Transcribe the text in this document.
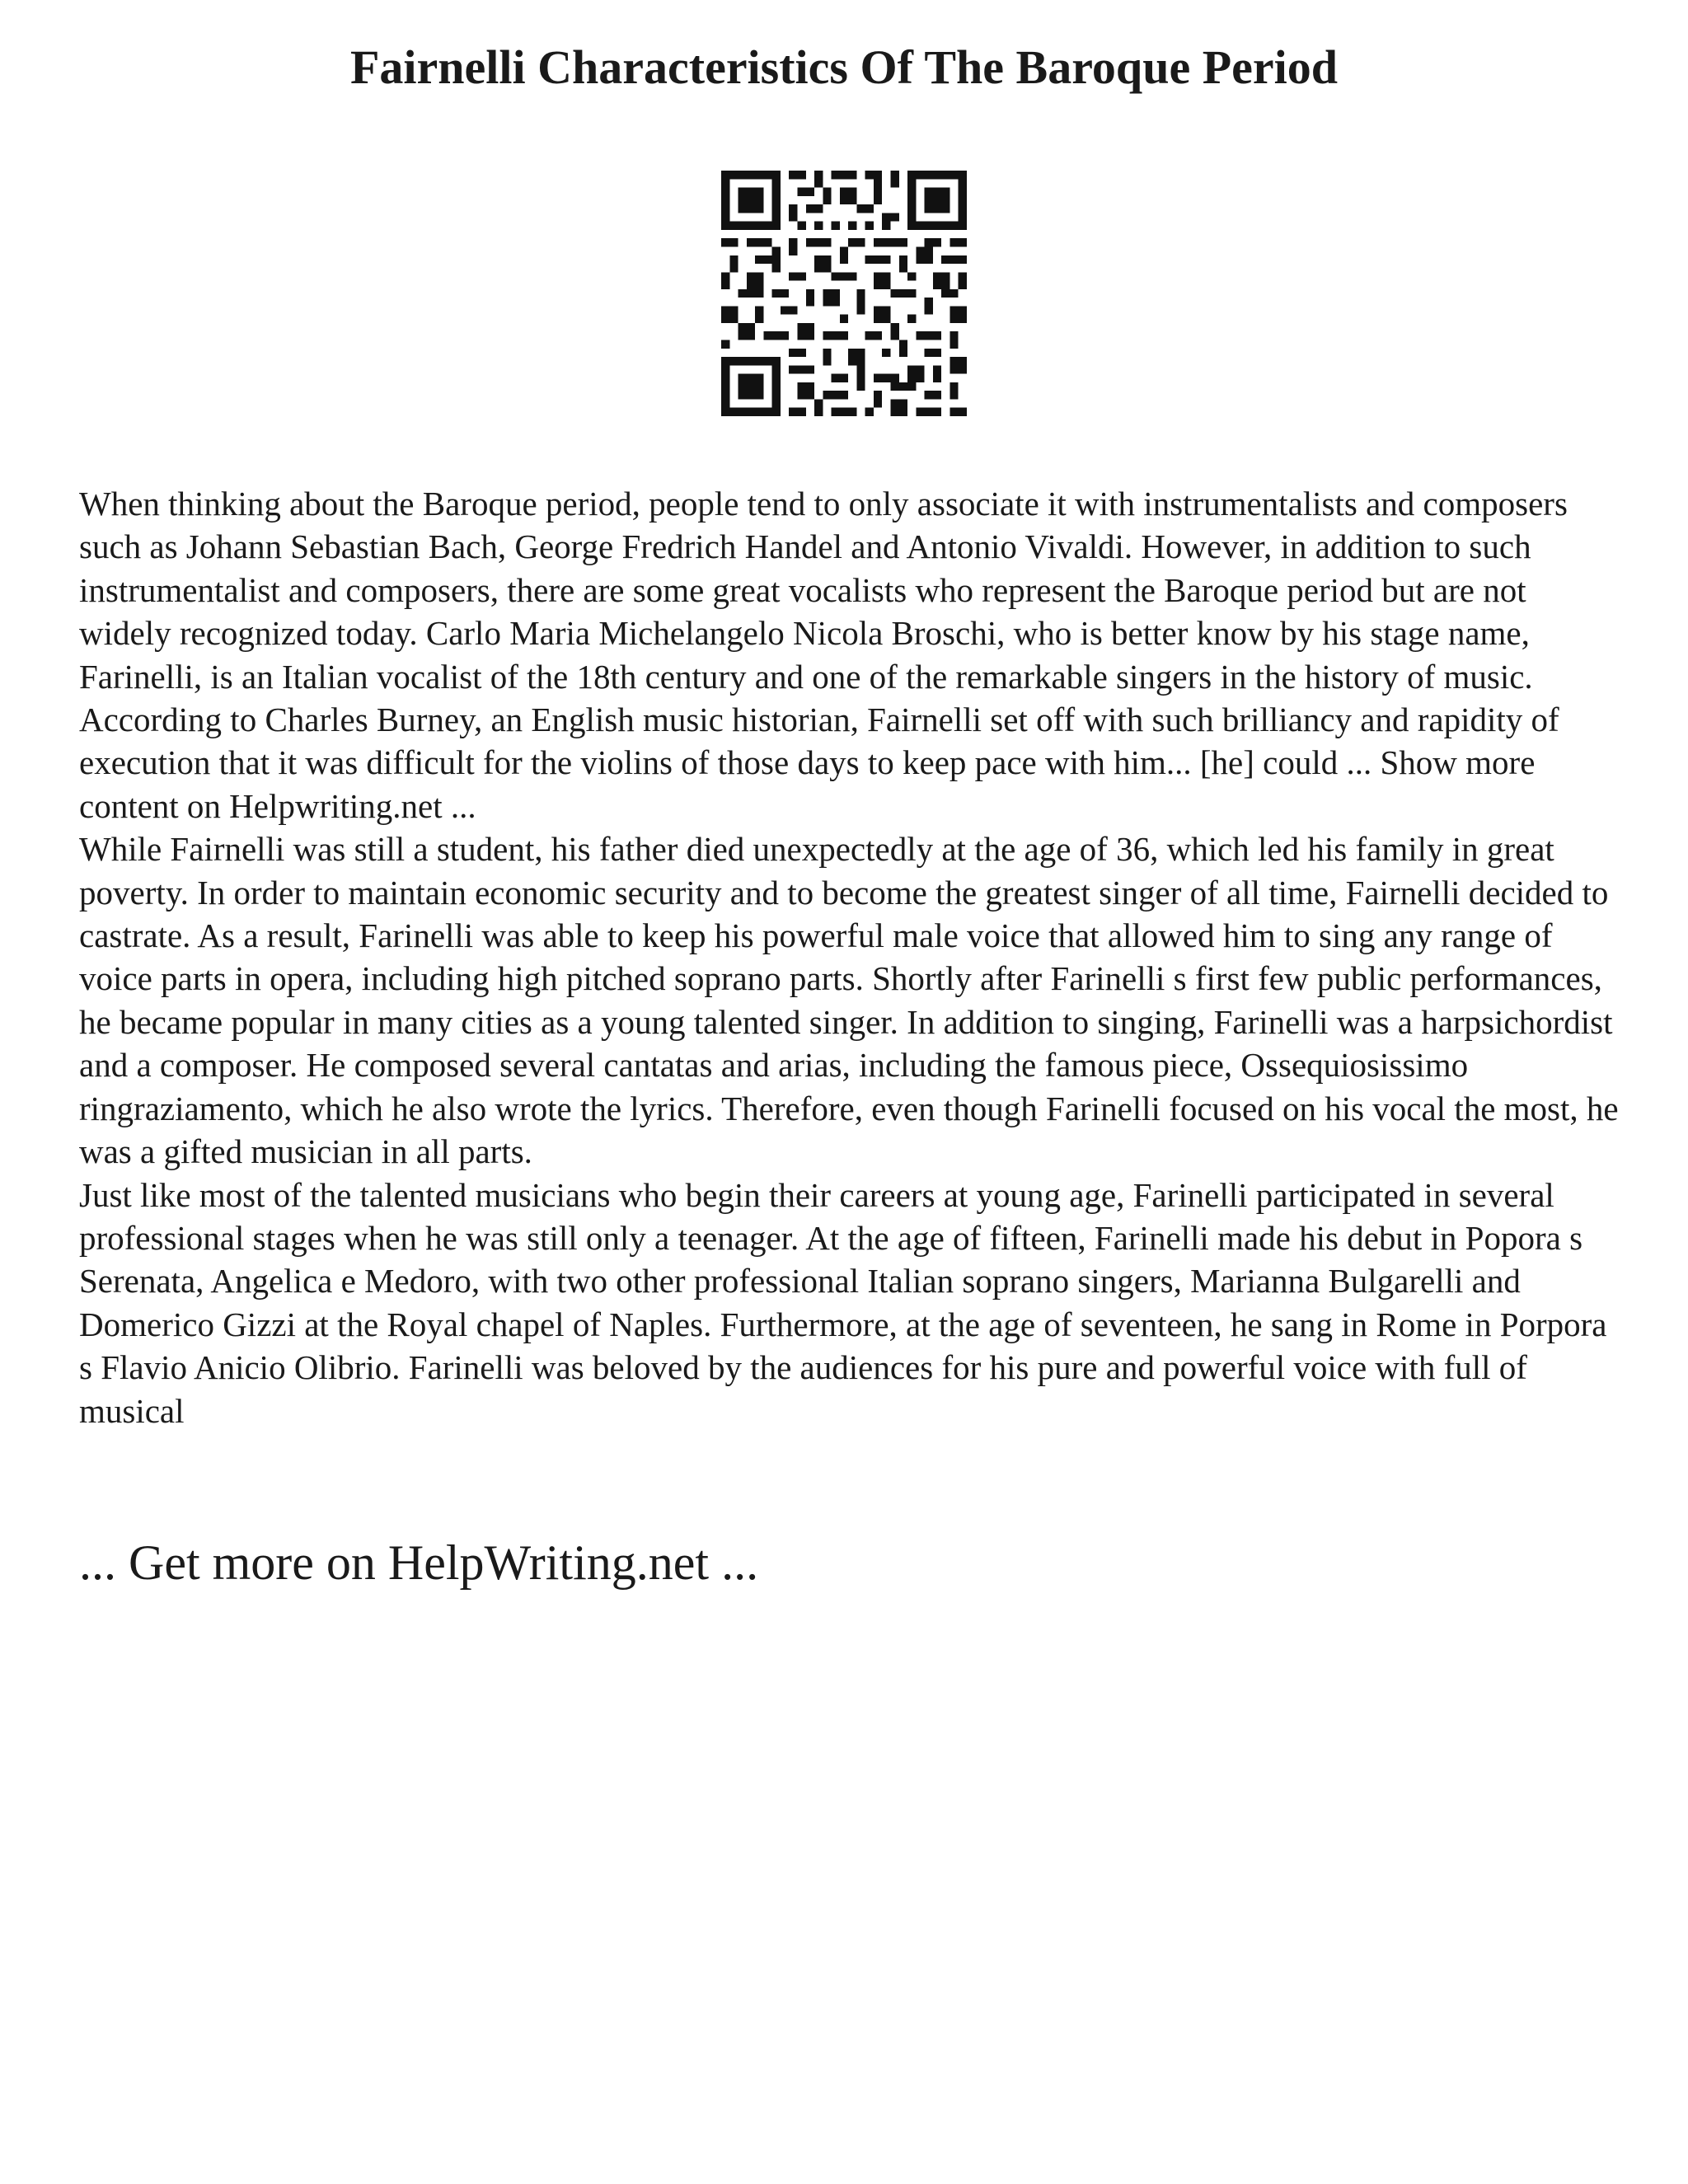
Fairnelli Characteristics Of The Baroque Period

When thinking about the Baroque period, people tend to only associate it with instrumentalists and composers such as Johann Sebastian Bach, George Fredrich Handel and Antonio Vivaldi. However, in addition to such instrumentalist and composers, there are some great vocalists who represent the Baroque period but are not widely recognized today. Carlo Maria Michelangelo Nicola Broschi, who is better know by his stage name, Farinelli, is an Italian vocalist of the 18th century and one of the remarkable singers in the history of music. According to Charles Burney, an English music historian, Fairnelli set off with such brilliancy and rapidity of execution that it was difficult for the violins of those days to keep pace with him... [he] could ... Show more content on Helpwriting.net ...

While Fairnelli was still a student, his father died unexpectedly at the age of 36, which led his family in great poverty. In order to maintain economic security and to become the greatest singer of all time, Fairnelli decided to castrate. As a result, Farinelli was able to keep his powerful male voice that allowed him to sing any range of voice parts in opera, including high pitched soprano parts. Shortly after Farinelli s first few public performances, he became popular in many cities as a young talented singer. In addition to singing, Farinelli was a harpsichordist and a composer. He composed several cantatas and arias, including the famous piece, Ossequiosissimo ringraziamento, which he also wrote the lyrics. Therefore, even though Farinelli focused on his vocal the most, he was a gifted musician in all parts.

Just like most of the talented musicians who begin their careers at young age, Farinelli participated in several professional stages when he was still only a teenager. At the age of fifteen, Farinelli made his debut in Popora s Serenata, Angelica e Medoro, with two other professional Italian soprano singers, Marianna Bulgarelli and Domerico Gizzi at the Royal chapel of Naples. Furthermore, at the age of seventeen, he sang in Rome in Porpora s Flavio Anicio Olibrio. Farinelli was beloved by the audiences for his pure and powerful voice with full of musical

... Get more on HelpWriting.net ...
